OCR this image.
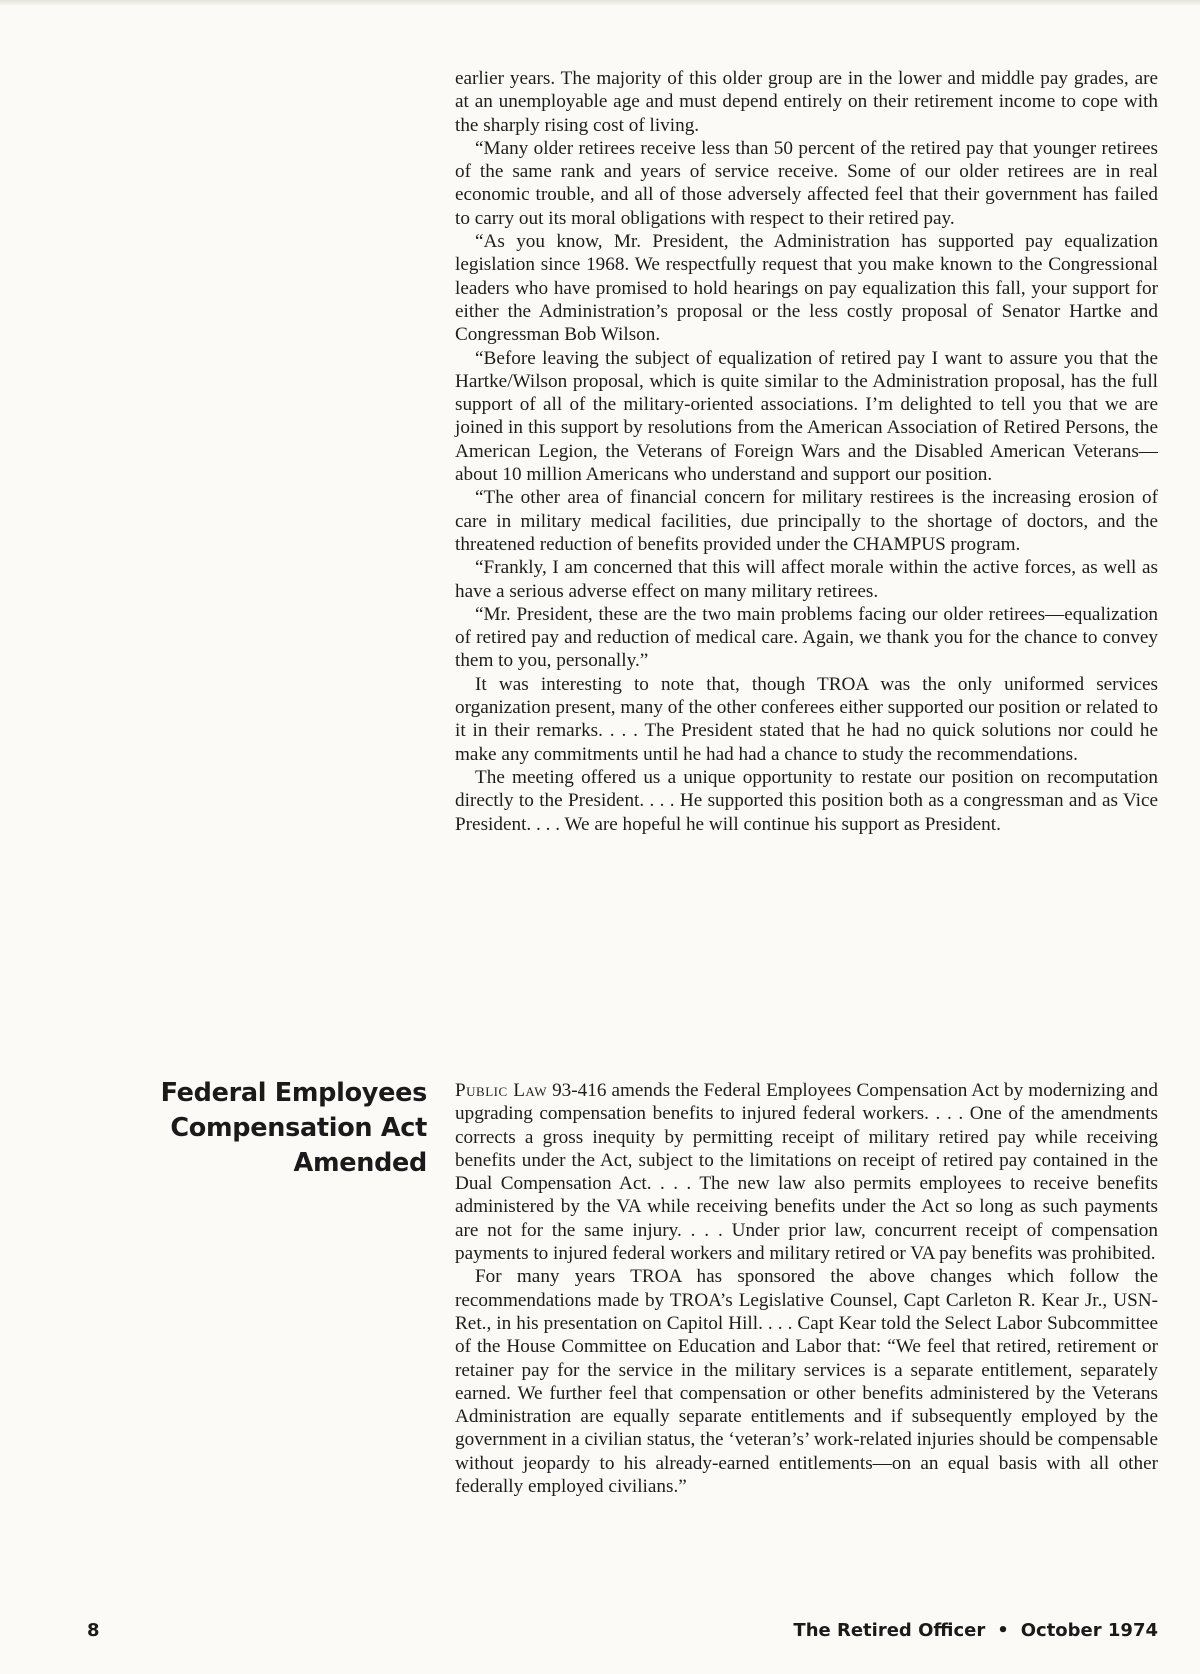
earlier years. The majority of this older group are in the lower and middle pay grades, are at an unemployable age and must depend entirely on their retirement income to cope with the sharply rising cost of living.

“Many older retirees receive less than 50 percent of the retired pay that younger retirees of the same rank and years of service receive. Some of our older retirees are in real economic trouble, and all of those adversely affected feel that their government has failed to carry out its moral obligations with respect to their retired pay.

“As you know, Mr. President, the Administration has supported pay equalization legislation since 1968. We respectfully request that you make known to the Congressional leaders who have promised to hold hearings on pay equalization this fall, your support for either the Administration’s proposal or the less costly proposal of Senator Hartke and Congressman Bob Wilson.

“Before leaving the subject of equalization of retired pay I want to assure you that the Hartke/Wilson proposal, which is quite similar to the Administration proposal, has the full support of all of the military-oriented associations. I’m delighted to tell you that we are joined in this support by resolutions from the American Association of Retired Persons, the American Legion, the Veterans of Foreign Wars and the Disabled American Veterans—about 10 million Americans who understand and support our position.

“The other area of financial concern for military restirees is the increasing erosion of care in military medical facilities, due principally to the shortage of doctors, and the threatened reduction of benefits provided under the CHAMPUS program.

“Frankly, I am concerned that this will affect morale within the active forces, as well as have a serious adverse effect on many military retirees.

“Mr. President, these are the two main problems facing our older retirees—equalization of retired pay and reduction of medical care. Again, we thank you for the chance to convey them to you, personally.”

It was interesting to note that, though TROA was the only uniformed services organization present, many of the other conferees either supported our position or related to it in their remarks. . . . The President stated that he had no quick solutions nor could he make any commitments until he had had a chance to study the recommendations.

The meeting offered us a unique opportunity to restate our position on recomputation directly to the President. . . . He supported this position both as a congressman and as Vice President. . . . We are hopeful he will continue his support as President.

Federal Employees
Compensation Act
Amended

Public Law 93-416 amends the Federal Employees Compensation Act by modernizing and upgrading compensation benefits to injured federal workers. . . . One of the amendments corrects a gross inequity by permitting receipt of military retired pay while receiving benefits under the Act, subject to the limitations on receipt of retired pay contained in the Dual Compensation Act. . . . The new law also permits employees to receive benefits administered by the VA while receiving benefits under the Act so long as such payments are not for the same injury. . . . Under prior law, concurrent receipt of compensation payments to injured federal workers and military retired or VA pay benefits was prohibited.

For many years TROA has sponsored the above changes which follow the recommendations made by TROA’s Legislative Counsel, Capt Carleton R. Kear Jr., USN-Ret., in his presentation on Capitol Hill. . . . Capt Kear told the Select Labor Subcommittee of the House Committee on Education and Labor that: “We feel that retired, retirement or retainer pay for the service in the military services is a separate entitlement, separately earned. We further feel that compensation or other benefits administered by the Veterans Administration are equally separate entitlements and if subsequently employed by the government in a civilian status, the ‘veteran’s’ work-related injuries should be compensable without jeopardy to his already-earned entitlements—on an equal basis with all other federally employed civilians.”

8	The Retired Officer • October 1974
